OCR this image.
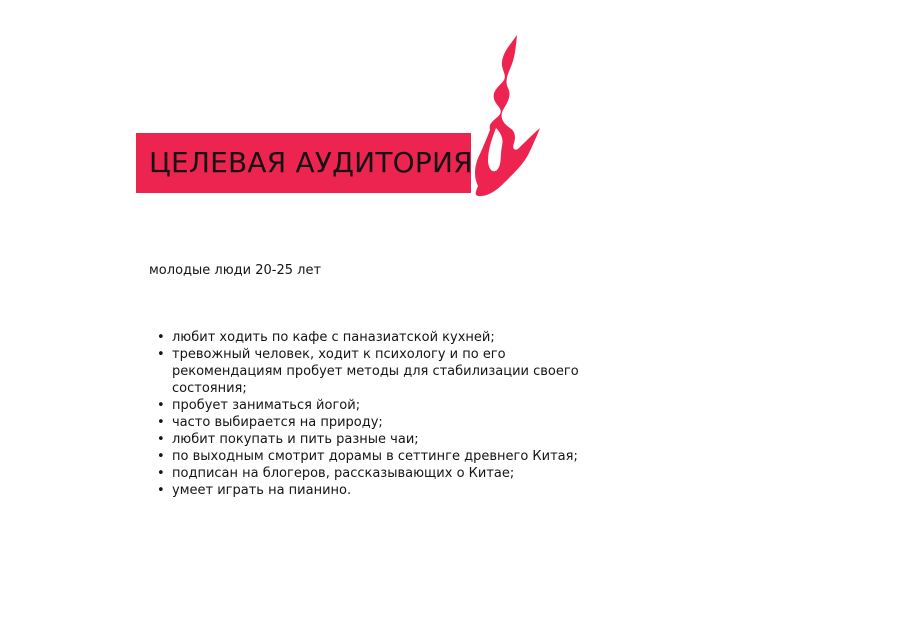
ЦЕЛЕВАЯ АУДИТОРИЯ
молодые люди 20-25 лет
• любит ходить по кафе с паназиатской кухней;
• тревожный человек, ходит к психологу и по его рекомендациям пробует методы для стабилизации своего состояния;
• пробует заниматься йогой;
• часто выбирается на природу;
• любит покупать и пить разные чаи;
• по выходным смотрит дорамы в сеттинге древнего Китая;
• подписан на блогеров, рассказывающих о Китае;
• умеет играть на пианино.
